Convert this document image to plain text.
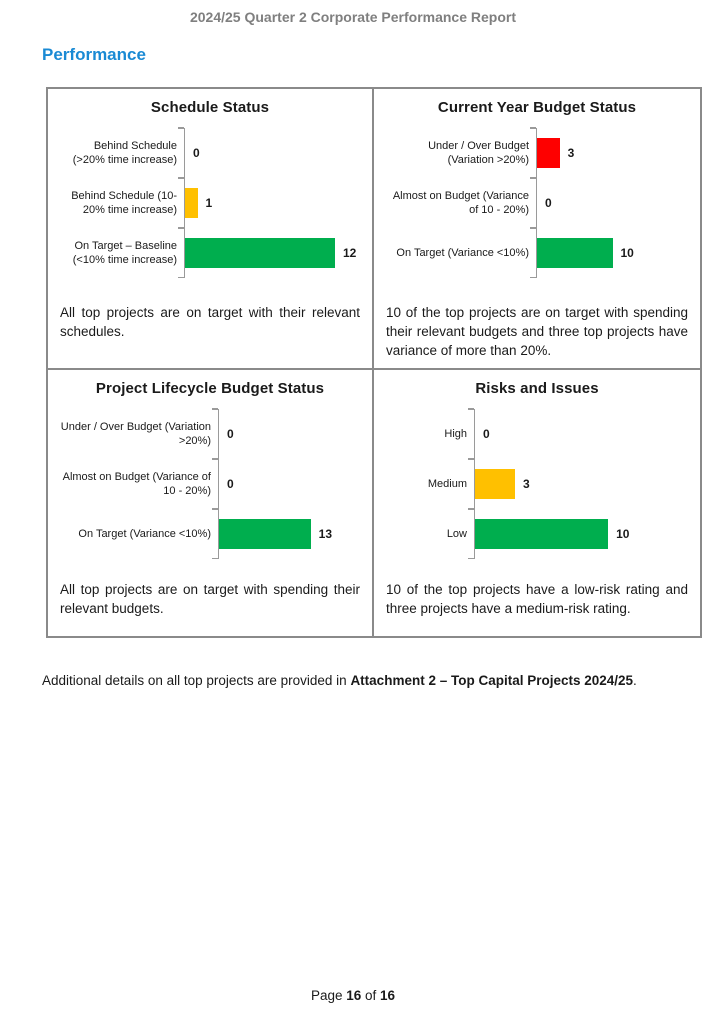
2024/25 Quarter 2 Corporate Performance Report
Performance
Schedule Status
Behind Schedule (>20% time increase)	0
Behind Schedule (10-20% time increase)	1
On Target – Baseline (<10% time increase)	12

All top projects are on target with their relevant schedules.

Current Year Budget Status
Under / Over Budget (Variation >20%)	3
Almost on Budget (Variance of 10 - 20%)	0
On Target (Variance <10%)	10

10 of the top projects are on target with spending their relevant budgets and three top projects have variance of more than 20%.

Project Lifecycle Budget Status
Under / Over Budget (Variation >20%)	0
Almost on Budget (Variance of 10 - 20%)	0
On Target (Variance <10%)	13

All top projects are on target with spending their relevant budgets.

Risks and Issues
High	0
Medium	3
Low	10

10 of the top projects have a low-risk rating and three projects have a medium-risk rating.

Additional details on all top projects are provided in Attachment 2 – Top Capital Projects 2024/25.

Page 16 of 16
